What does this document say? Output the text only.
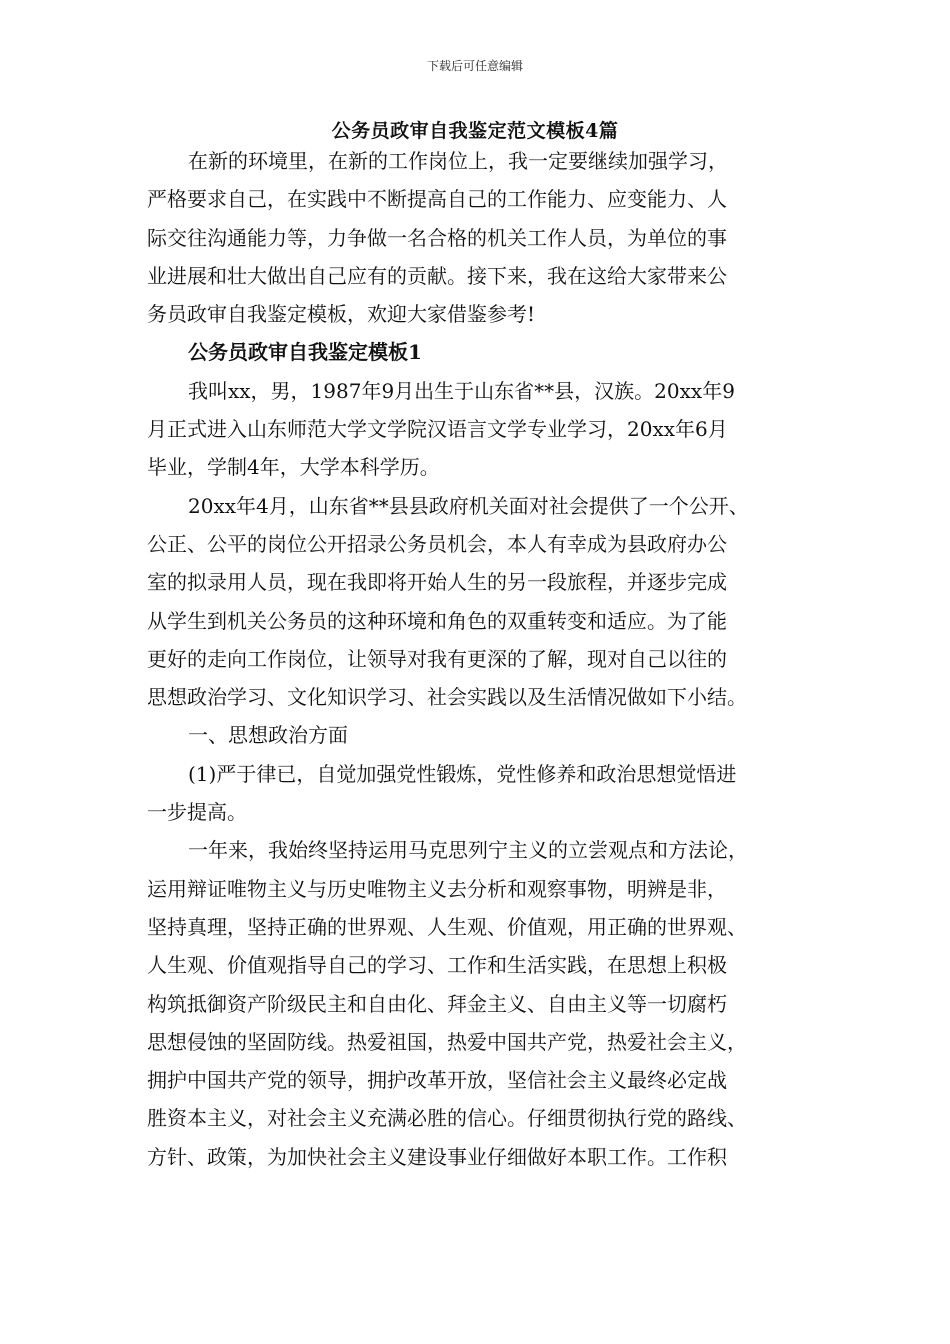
下载后可任意编辑
公务员政审自我鉴定范文模板4篇
在新的环境里，在新的工作岗位上，我一定要继续加强学习，
严格要求自己，在实践中不断提高自己的工作能力、应变能力、人
际交往沟通能力等，力争做一名合格的机关工作人员，为单位的事
业进展和壮大做出自己应有的贡献。接下来，我在这给大家带来公
务员政审自我鉴定模板，欢迎大家借鉴参考!
公务员政审自我鉴定模板1
我叫xx，男，1987年9月出生于山东省**县，汉族。20xx年9
月正式进入山东师范大学文学院汉语言文学专业学习，20xx年6月
毕业，学制4年，大学本科学历。
20xx年4月，山东省**县县政府机关面对社会提供了一个公开、
公正、公平的岗位公开招录公务员机会，本人有幸成为县政府办公
室的拟录用人员，现在我即将开始人生的另一段旅程，并逐步完成
从学生到机关公务员的这种环境和角色的双重转变和适应。为了能
更好的走向工作岗位，让领导对我有更深的了解，现对自己以往的
思想政治学习、文化知识学习、社会实践以及生活情况做如下小结。
一、思想政治方面
(1)严于律已，自觉加强党性锻炼，党性修养和政治思想觉悟进
一步提高。
一年来，我始终坚持运用马克思列宁主义的立尝观点和方法论，
运用辩证唯物主义与历史唯物主义去分析和观察事物，明辨是非，
坚持真理，坚持正确的世界观、人生观、价值观，用正确的世界观、
人生观、价值观指导自己的学习、工作和生活实践，在思想上积极
构筑抵御资产阶级民主和自由化、拜金主义、自由主义等一切腐朽
思想侵蚀的坚固防线。热爱祖国，热爱中国共产党，热爱社会主义，
拥护中国共产党的领导，拥护改革开放，坚信社会主义最终必定战
胜资本主义，对社会主义充满必胜的信心。仔细贯彻执行党的路线、
方针、政策，为加快社会主义建设事业仔细做好本职工作。工作积
